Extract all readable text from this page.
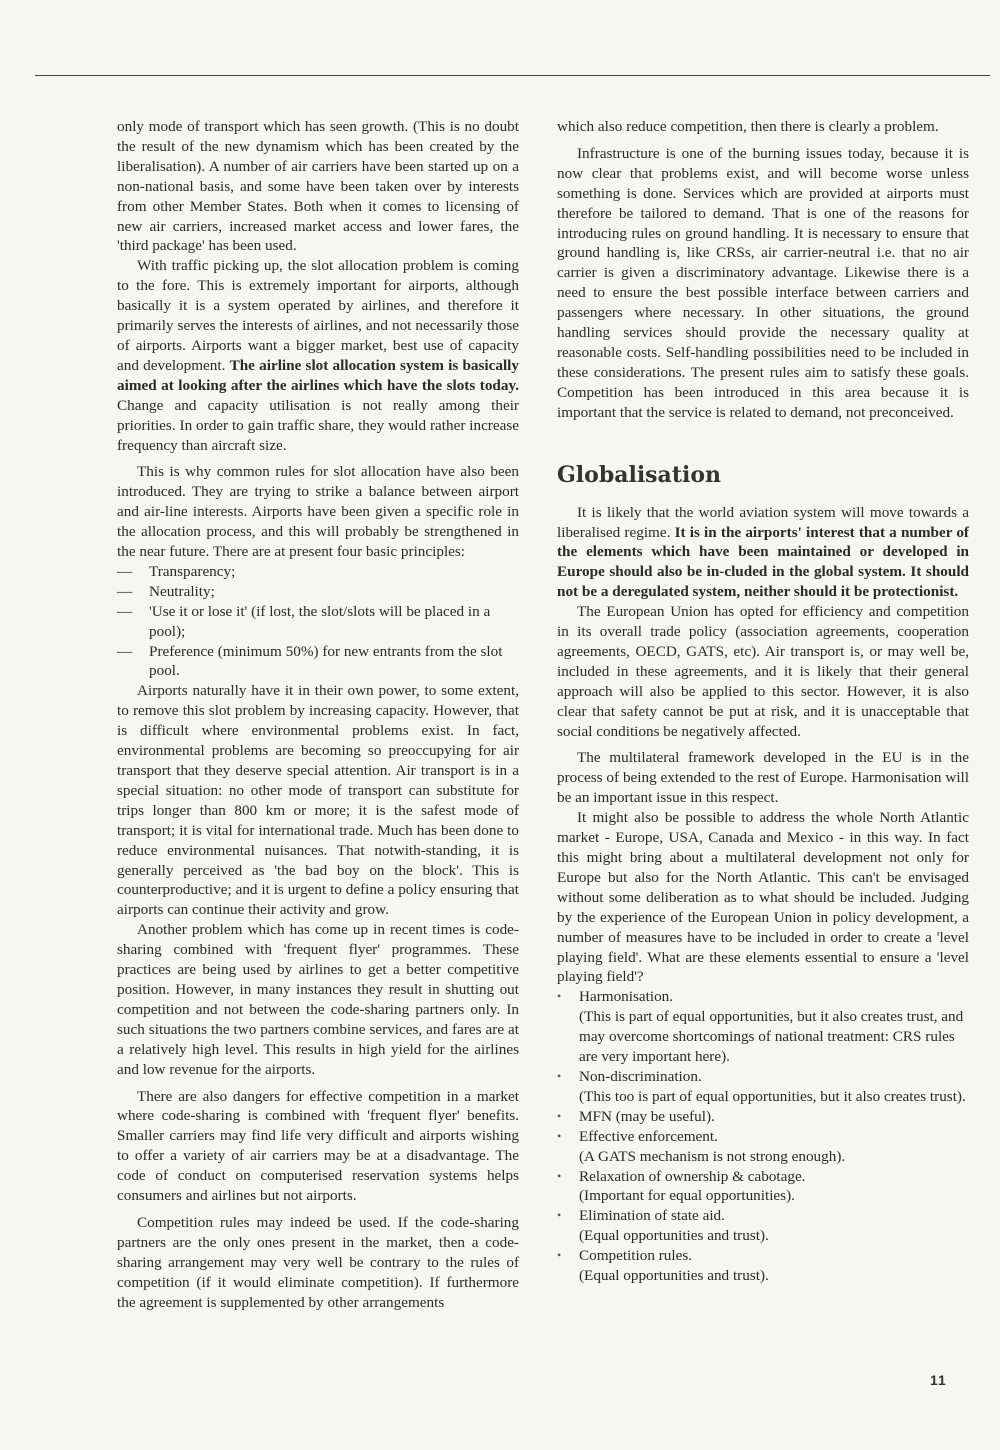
only mode of transport which has seen growth. (This is no doubt the result of the new dynamism which has been created by the liberalisation). A number of air carriers have been started up on a non-national basis, and some have been taken over by interests from other Member States. Both when it comes to licensing of new air carriers, increased market access and lower fares, the 'third package' has been used.

With traffic picking up, the slot allocation problem is coming to the fore. This is extremely important for airports, although basically it is a system operated by airlines, and therefore it primarily serves the interests of airlines, and not necessarily those of airports. Airports want a bigger market, best use of capacity and development. The airline slot allocation system is basically aimed at looking after the airlines which have the slots today. Change and capacity utilisation is not really among their priorities. In order to gain traffic share, they would rather increase frequency than aircraft size.

This is why common rules for slot allocation have also been introduced. They are trying to strike a balance between airport and air-line interests. Airports have been given a specific role in the allocation process, and this will probably be strengthened in the near future. There are at present four basic principles:

— Transparency;
— Neutrality;
— 'Use it or lose it' (if lost, the slot/slots will be placed in a pool);
— Preference (minimum 50%) for new entrants from the slot pool.

Airports naturally have it in their own power, to some extent, to remove this slot problem by increasing capacity. However, that is difficult where environmental problems exist. In fact, environmental problems are becoming so preoccupying for air transport that they deserve special attention. Air transport is in a special situation: no other mode of transport can substitute for trips longer than 800 km or more; it is the safest mode of transport; it is vital for international trade. Much has been done to reduce environmental nuisances. That notwith-standing, it is generally perceived as 'the bad boy on the block'. This is counterproductive; and it is urgent to define a policy ensuring that airports can continue their activity and grow.

Another problem which has come up in recent times is code-sharing combined with 'frequent flyer' programmes. These practices are being used by airlines to get a better competitive position. However, in many instances they result in shutting out competition and not between the code-sharing partners only. In such situations the two partners combine services, and fares are at a relatively high level. This results in high yield for the airlines and low revenue for the airports.

There are also dangers for effective competition in a market where code-sharing is combined with 'frequent flyer' benefits. Smaller carriers may find life very difficult and airports wishing to offer a variety of air carriers may be at a disadvantage. The code of conduct on computerised reservation systems helps consumers and airlines but not airports.

Competition rules may indeed be used. If the code-sharing partners are the only ones present in the market, then a code-sharing arrangement may very well be contrary to the rules of competition (if it would eliminate competition). If furthermore the agreement is supplemented by other arrangements

which also reduce competition, then there is clearly a problem.

Infrastructure is one of the burning issues today, because it is now clear that problems exist, and will become worse unless something is done. Services which are provided at airports must therefore be tailored to demand. That is one of the reasons for introducing rules on ground handling. It is necessary to ensure that ground handling is, like CRSs, air carrier-neutral i.e. that no air carrier is given a discriminatory advantage. Likewise there is a need to ensure the best possible interface between carriers and passengers where necessary. In other situations, the ground handling services should provide the necessary quality at reasonable costs. Self-handling possibilities need to be included in these considerations. The present rules aim to satisfy these goals. Competition has been introduced in this area because it is important that the service is related to demand, not preconceived.

Globalisation

It is likely that the world aviation system will move towards a liberalised regime. It is in the airports' interest that a number of the elements which have been maintained or developed in Europe should also be in-cluded in the global system. It should not be a deregulated system, neither should it be protectionist.

The European Union has opted for efficiency and competition in its overall trade policy (association agreements, cooperation agreements, OECD, GATS, etc). Air transport is, or may well be, included in these agreements, and it is likely that their general approach will also be applied to this sector. However, it is also clear that safety cannot be put at risk, and it is unacceptable that social conditions be negatively affected.

The multilateral framework developed in the EU is in the process of being extended to the rest of Europe. Harmonisation will be an important issue in this respect.

It might also be possible to address the whole North Atlantic market - Europe, USA, Canada and Mexico - in this way. In fact this might bring about a multilateral development not only for Europe but also for the North Atlantic. This can't be envisaged without some deliberation as to what should be included. Judging by the experience of the European Union in policy development, a number of measures have to be included in order to create a 'level playing field'. What are these elements essential to ensure a 'level playing field'?

• Harmonisation.
(This is part of equal opportunities, but it also creates trust, and may overcome shortcomings of national treatment: CRS rules are very important here).
• Non-discrimination.
(This too is part of equal opportunities, but it also creates trust).
• MFN (may be useful).
• Effective enforcement.
(A GATS mechanism is not strong enough).
• Relaxation of ownership & cabotage.
(Important for equal opportunities).
• Elimination of state aid.
(Equal opportunities and trust).
• Competition rules.
(Equal opportunities and trust).
11
